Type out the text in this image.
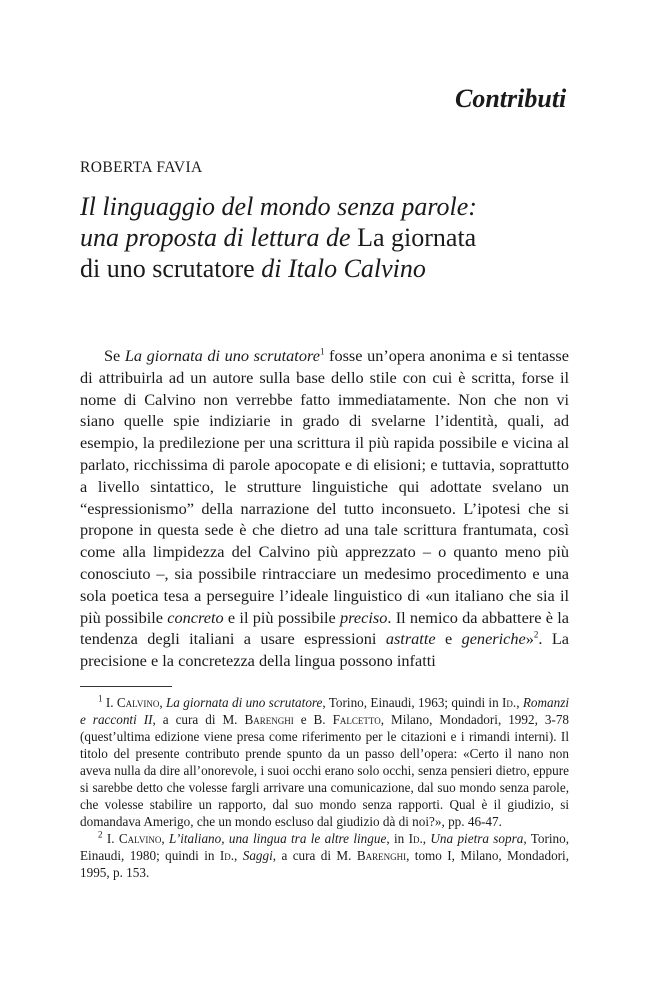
Contributi
ROBERTA FAVIA
Il linguaggio del mondo senza parole:
una proposta di lettura de La giornata
di uno scrutatore di Italo Calvino

Se La giornata di uno scrutatore$^1$ fosse un’opera anonima e si tentasse di attribuirla ad un autore sulla base dello stile con cui è scritta, forse il nome di Calvino non verrebbe fatto immediatamente. Non che non vi siano quelle spie indiziarie in grado di svelarne l’identità, quali, ad esempio, la predilezione per una scrittura il più rapida possibile e vicina al parlato, ricchissima di parole apocopate e di elisioni; e tuttavia, soprattutto a livello sintattico, le strutture linguistiche qui adottate svelano un “espressionismo” della narrazione del tutto inconsueto. L’ipotesi che si propone in questa sede è che dietro ad una tale scrittura frantumata, così come alla limpidezza del Calvino più apprezzato – o quanto meno più conosciuto –, sia possibile rintracciare un medesimo procedimento e una sola poetica tesa a perseguire l’ideale linguistico di «un italiano che sia il più possibile concreto e il più possibile preciso. Il nemico da abbattere è la tendenza degli italiani a usare espressioni astratte e generiche»$^2$. La precisione e la concretezza della lingua possono infatti

$^1$ I. Calvino, La giornata di uno scrutatore, Torino, Einaudi, 1963; quindi in Id., Romanzi e racconti II, a cura di M. Barenghi e B. Falcetto, Milano, Mondadori, 1992, 3-78 (quest’ultima edizione viene presa come riferimento per le citazioni e i rimandi interni). Il titolo del presente contributo prende spunto da un passo dell’opera: «Certo il nano non aveva nulla da dire all’onorevole, i suoi occhi erano solo occhi, senza pensieri dietro, eppure si sarebbe detto che volesse fargli arrivare una comunicazione, dal suo mondo senza parole, che volesse stabilire un rapporto, dal suo mondo senza rapporti. Qual è il giudizio, si domandava Amerigo, che un mondo escluso dal giudizio dà di noi?», pp. 46-47.

$^2$ I. Calvino, L’italiano, una lingua tra le altre lingue, in Id., Una pietra sopra, Torino, Einaudi, 1980; quindi in Id., Saggi, a cura di M. Barenghi, tomo I, Milano, Mondadori, 1995, p. 153.
